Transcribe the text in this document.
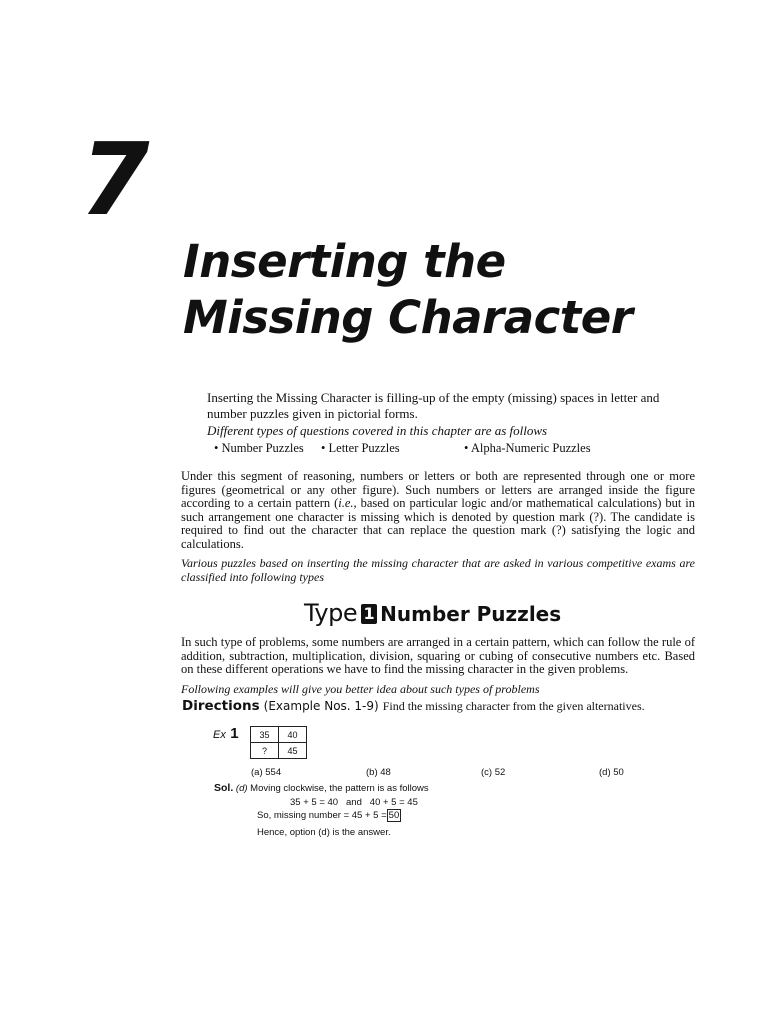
7
Inserting the
Missing Character
Inserting the Missing Character is filling-up of the empty (missing) spaces in letter and number puzzles given in pictorial forms.
Different types of questions covered in this chapter are as follows
• Number Puzzles • Letter Puzzles	• Alpha-Numeric Puzzles
Under this segment of reasoning, numbers or letters or both are represented through one or more figures (geometrical or any other figure). Such numbers or letters are arranged inside the figure according to a certain pattern (i.e., based on particular logic and/or mathematical calculations) but in such arrangement one character is missing which is denoted by question mark (?). The candidate is required to find out the character that can replace the question mark (?) satisfying the logic and calculations.
Various puzzles based on inserting the missing character that are asked in various competitive exams are classified into following types
Type 1 Number Puzzles
In such type of problems, some numbers are arranged in a certain pattern, which can follow the rule of addition, subtraction, multiplication, division, squaring or cubing of consecutive numbers etc. Based on these different operations we have to find the missing character in the given problems.
Following examples will give you better idea about such types of problems
Directions (Example Nos. 1-9) Find the missing character from the given alternatives.
Ex 1 35	40
?	45
(a) 554	(b) 48	(c) 52	(d) 50
Sol. (d) Moving clockwise, the pattern is as follows
35 + 5 = 40 and 40 + 5 = 45
So, missing number = 45 + 5 = 50
Hence, option (d) is the answer.
